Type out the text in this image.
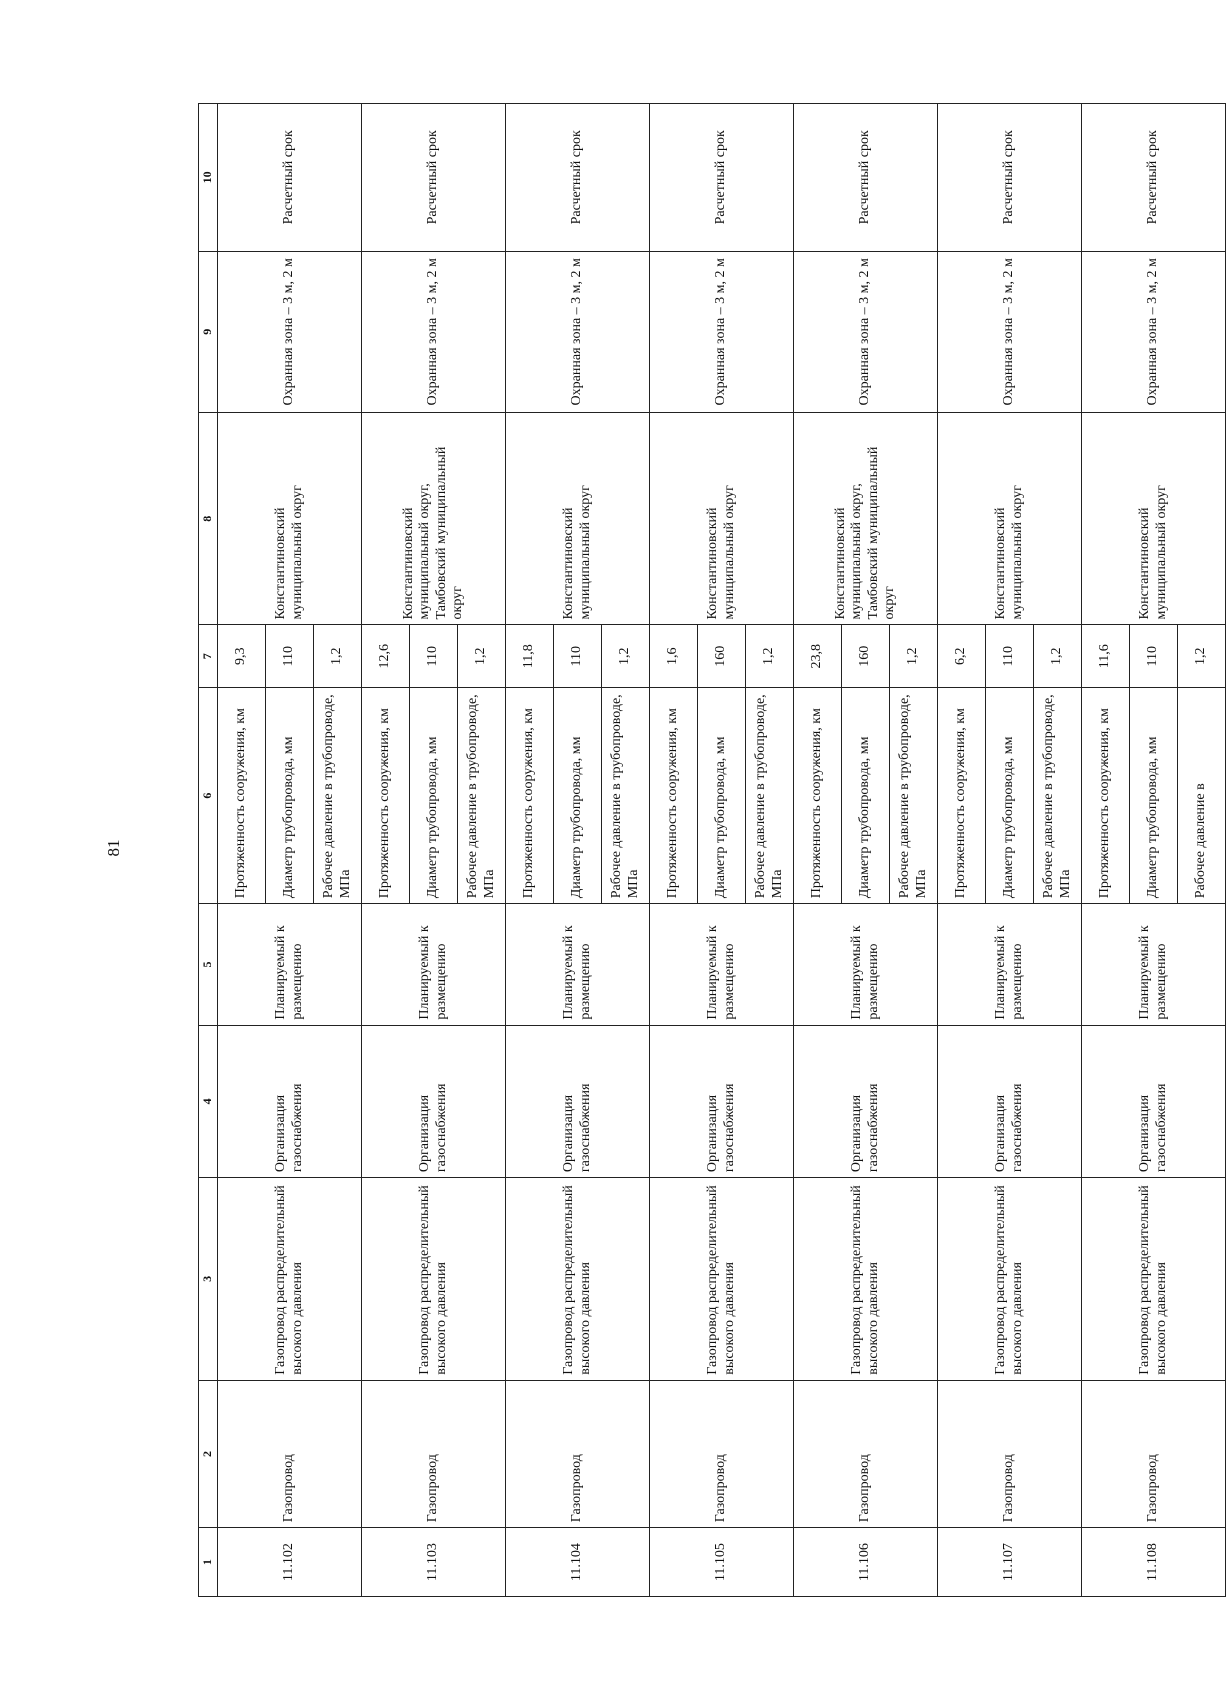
81
1	2	3	4	5	6	7	8	9	10
11.102	Газопровод	Газопровод распределительный высокого давления	Организация газоснабжения	Планируемый к размещению	Протяженность сооружения, км	9,3	Константиновский муниципальный округ	Охранная зона – 3 м, 2 м	Расчетный срок
					Диаметр трубопровода, мм	110			
					Рабочее давление в трубопроводе, МПа	1,2			
11.103	Газопровод	Газопровод распределительный высокого давления	Организация газоснабжения	Планируемый к размещению	Протяженность сооружения, км	12,6	Константиновский муниципальный округ, Тамбовский муниципальный округ	Охранная зона – 3 м, 2 м	Расчетный срок
					Диаметр трубопровода, мм	110			
					Рабочее давление в трубопроводе, МПа	1,2			
11.104	Газопровод	Газопровод распределительный высокого давления	Организация газоснабжения	Планируемый к размещению	Протяженность сооружения, км	11,8	Константиновский муниципальный округ	Охранная зона – 3 м, 2 м	Расчетный срок
					Диаметр трубопровода, мм	110			
					Рабочее давление в трубопроводе, МПа	1,2			
11.105	Газопровод	Газопровод распределительный высокого давления	Организация газоснабжения	Планируемый к размещению	Протяженность сооружения, км	1,6	Константиновский муниципальный округ	Охранная зона – 3 м, 2 м	Расчетный срок
					Диаметр трубопровода, мм	160			
					Рабочее давление в трубопроводе, МПа	1,2			
11.106	Газопровод	Газопровод распределительный высокого давления	Организация газоснабжения	Планируемый к размещению	Протяженность сооружения, км	23,8	Константиновский муниципальный округ, Тамбовский муниципальный округ	Охранная зона – 3 м, 2 м	Расчетный срок
					Диаметр трубопровода, мм	160			
					Рабочее давление в трубопроводе, МПа	1,2			
11.107	Газопровод	Газопровод распределительный высокого давления	Организация газоснабжения	Планируемый к размещению	Протяженность сооружения, км	6,2	Константиновский муниципальный округ	Охранная зона – 3 м, 2 м	Расчетный срок
					Диаметр трубопровода, мм	110			
					Рабочее давление в трубопроводе, МПа	1,2			
11.108	Газопровод	Газопровод распределительный высокого давления	Организация газоснабжения	Планируемый к размещению	Протяженность сооружения, км	11,6	Константиновский муниципальный округ	Охранная зона – 3 м, 2 м	Расчетный срок
					Диаметр трубопровода, мм	110			
					Рабочее давление в	1,2			
